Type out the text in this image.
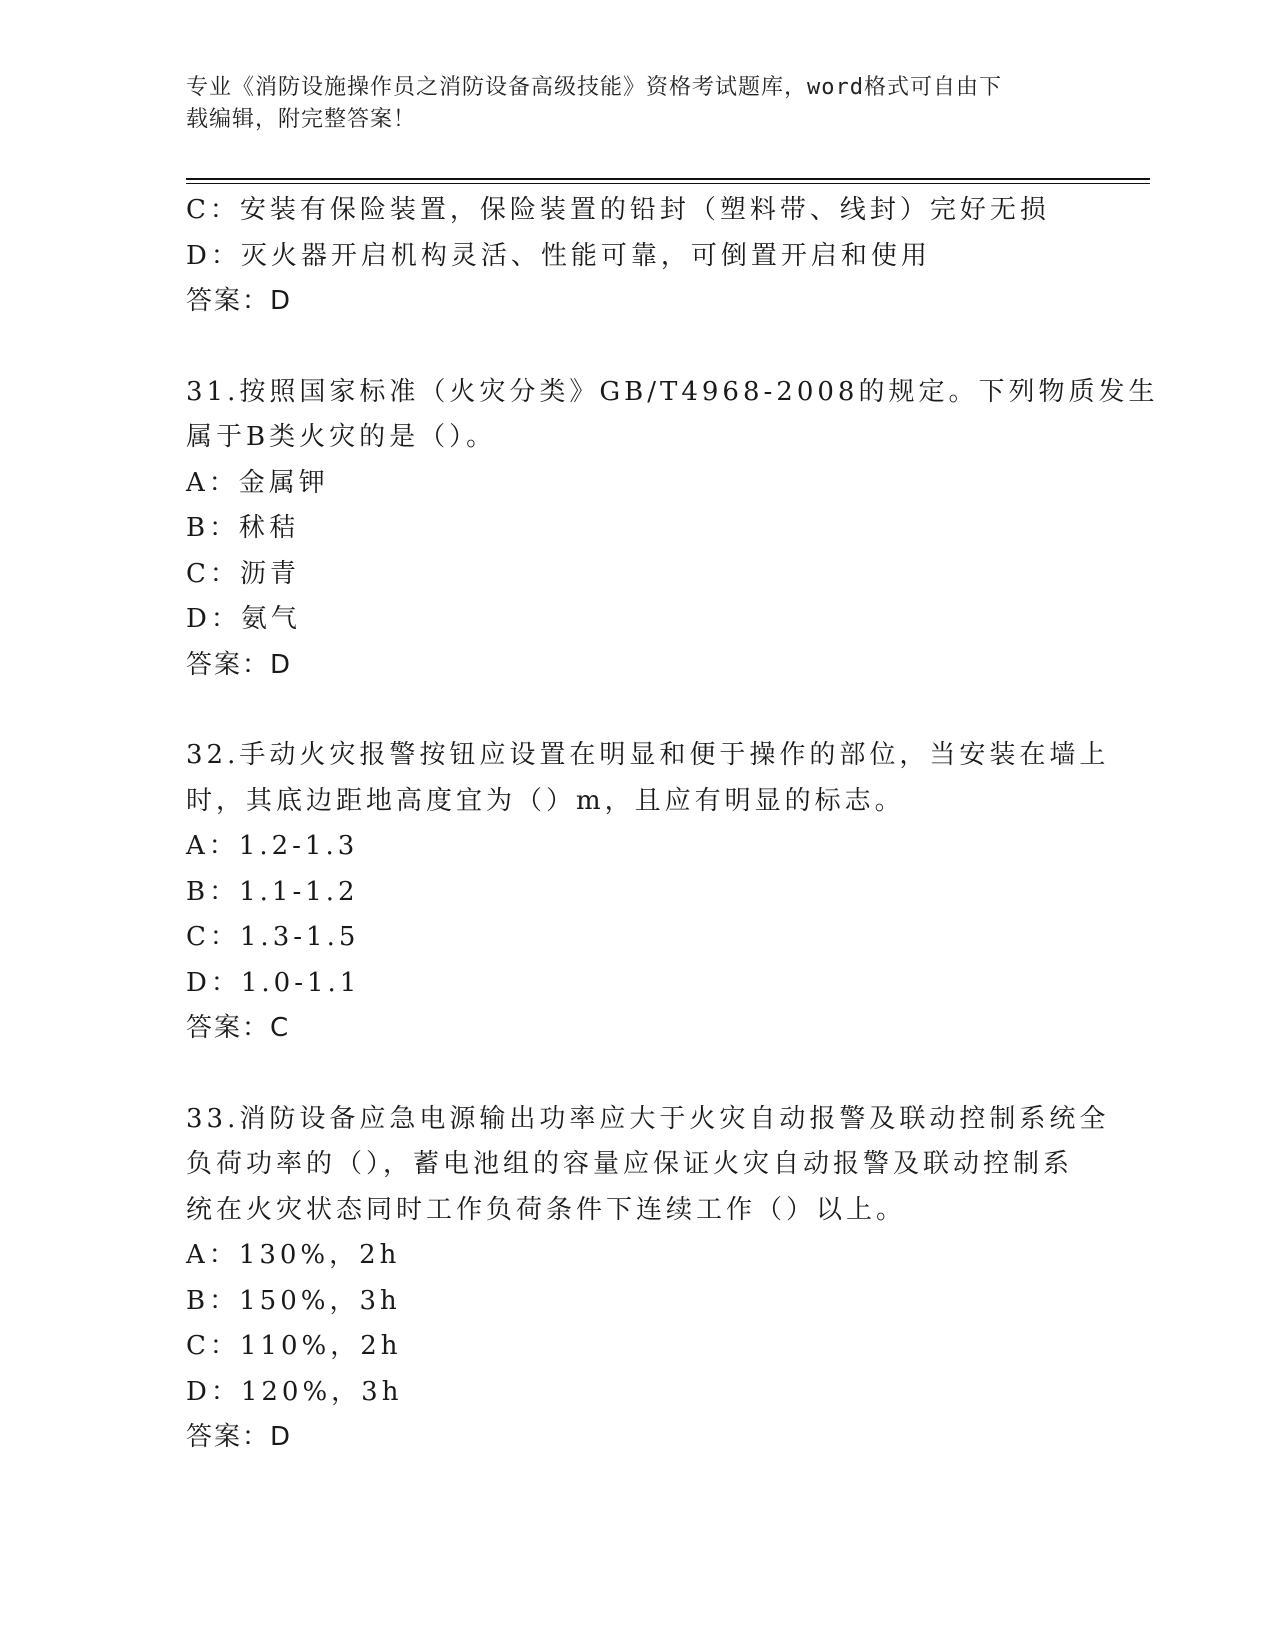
专业《消防设施操作员之消防设备高级技能》资格考试题库，word格式可自由下
载编辑，附完整答案！
C：安装有保险装置，保险装置的铅封（塑料带、线封）完好无损
D：灭火器开启机构灵活、性能可靠，可倒置开启和使用
答案：D
31.按照国家标准（火灾分类》GB/T4968-2008的规定。下列物质发生
属于B类火灾的是（）。
A：金属钾
B：秫秸
C：沥青
D：氨气
答案：D
32.手动火灾报警按钮应设置在明显和便于操作的部位，当安装在墙上
时，其底边距地高度宜为（）m，且应有明显的标志。
A：1.2-1.3
B：1.1-1.2
C：1.3-1.5
D：1.0-1.1
答案：C
33.消防设备应急电源输出功率应大于火灾自动报警及联动控制系统全
负荷功率的（），蓄电池组的容量应保证火灾自动报警及联动控制系
统在火灾状态同时工作负荷条件下连续工作（）以上。
A：130%，2h
B：150%，3h
C：110%，2h
D：120%，3h
答案：D
